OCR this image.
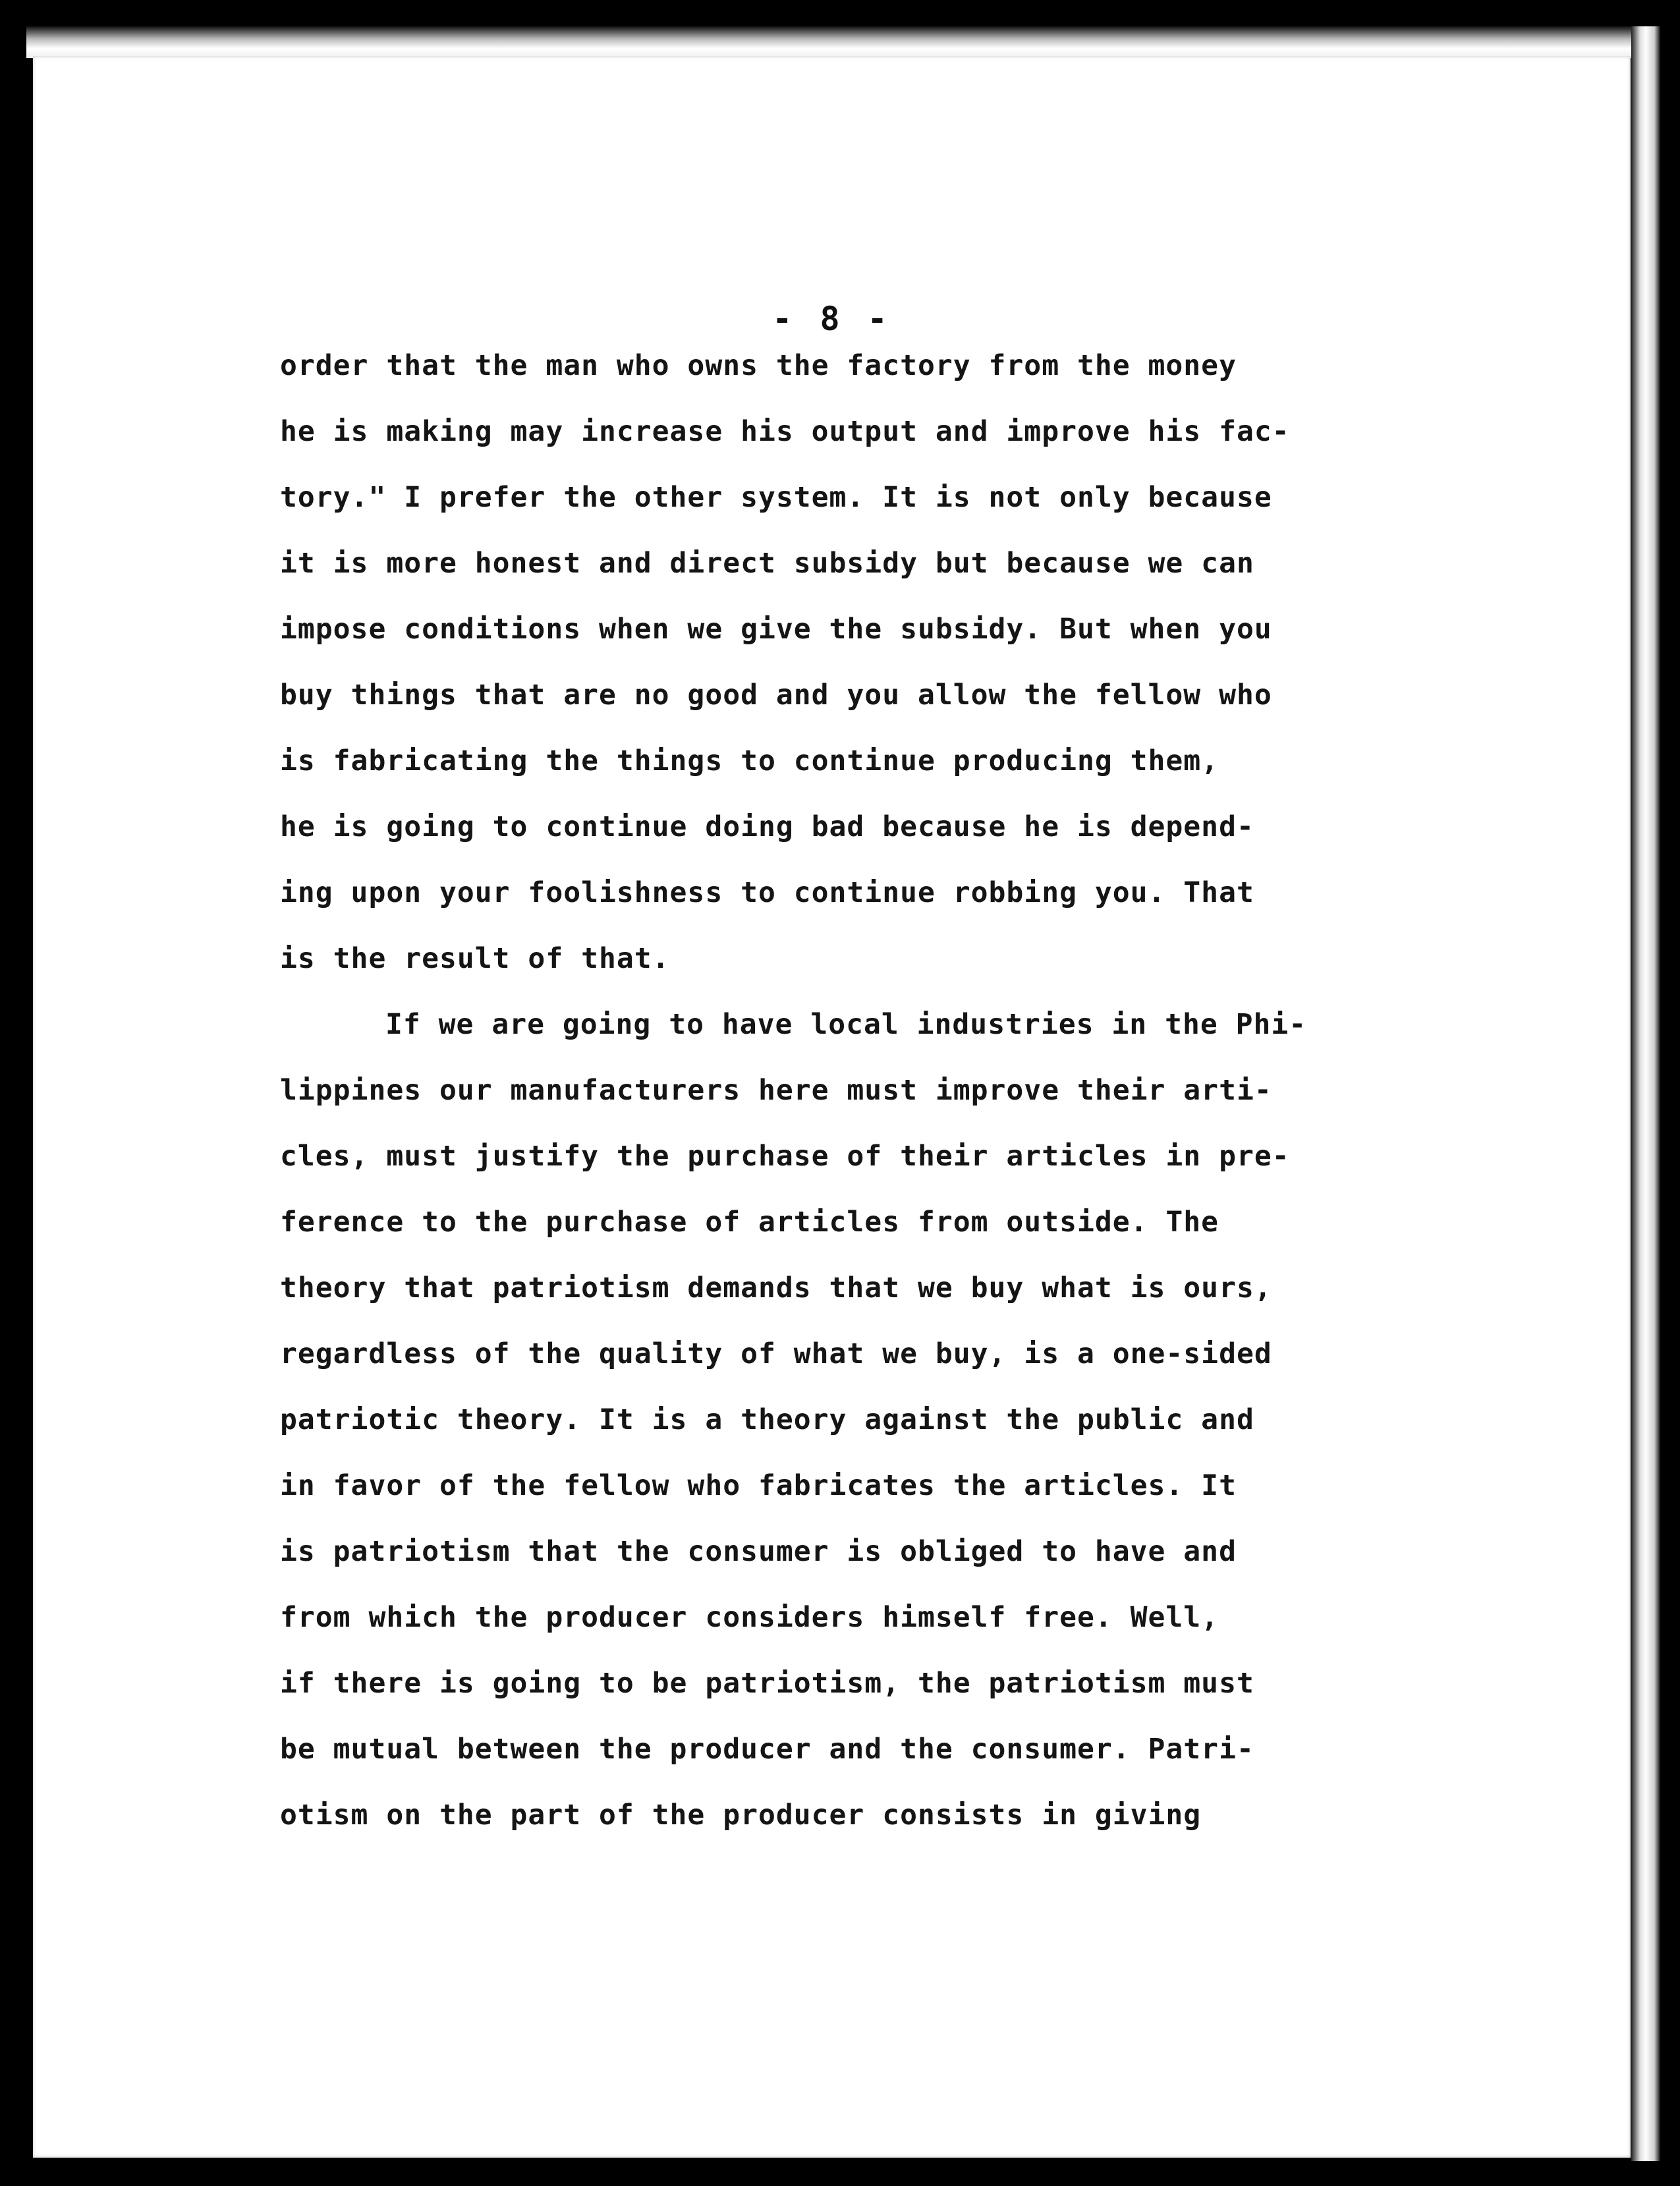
- 8 -
order that the man who owns the factory from the money
he is making may increase his output and improve his fac-
tory." I prefer the other system. It is not only because
it is more honest and direct subsidy but because we can
impose conditions when we give the subsidy. But when you
buy things that are no good and you allow the fellow who
is fabricating the things to continue producing them,
he is going to continue doing bad because he is depend-
ing upon your foolishness to continue robbing you. That
is the result of that.
If we are going to have local industries in the Phi-
lippines our manufacturers here must improve their arti-
cles, must justify the purchase of their articles in pre-
ference to the purchase of articles from outside. The
theory that patriotism demands that we buy what is ours,
regardless of the quality of what we buy, is a one-sided
patriotic theory. It is a theory against the public and
in favor of the fellow who fabricates the articles. It
is patriotism that the consumer is obliged to have and
from which the producer considers himself free. Well,
if there is going to be patriotism, the patriotism must
be mutual between the producer and the consumer. Patri-
otism on the part of the producer consists in giving
